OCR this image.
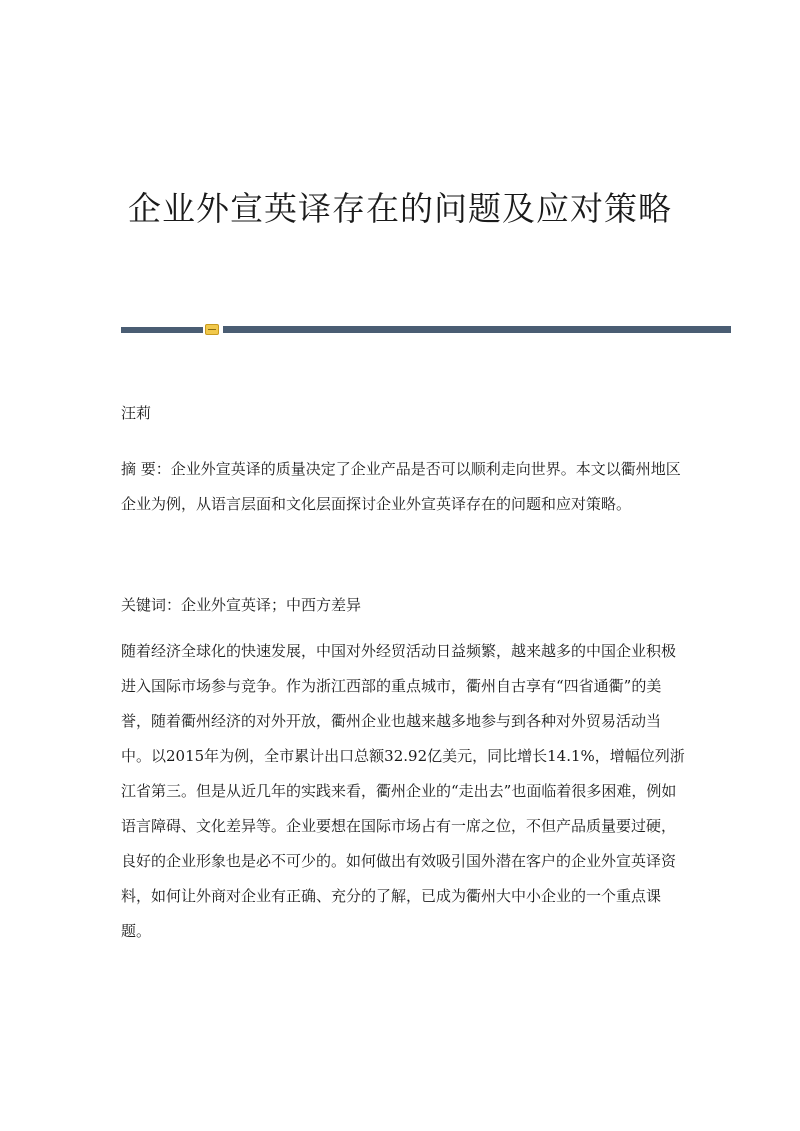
企业外宣英译存在的问题及应对策略

汪莉

摘 要：企业外宣英译的质量决定了企业产品是否可以顺利走向世界。本文以衢州地区企业为例，从语言层面和文化层面探讨企业外宣英译存在的问题和应对策略。

关键词：企业外宣英译；中西方差异

随着经济全球化的快速发展，中国对外经贸活动日益频繁，越来越多的中国企业积极进入国际市场参与竞争。作为浙江西部的重点城市，衢州自古享有“四省通衢”的美誉，随着衢州经济的对外开放，衢州企业也越来越多地参与到各种对外贸易活动当中。以2015年为例，全市累计出口总额32.92亿美元，同比增长14.1%，增幅位列浙江省第三。但是从近几年的实践来看，衢州企业的“走出去”也面临着很多困难，例如语言障碍、文化差异等。企业要想在国际市场占有一席之位，不但产品质量要过硬，良好的企业形象也是必不可少的。如何做出有效吸引国外潜在客户的企业外宣英译资料，如何让外商对企业有正确、充分的了解，已成为衢州大中小企业的一个重点课题。
